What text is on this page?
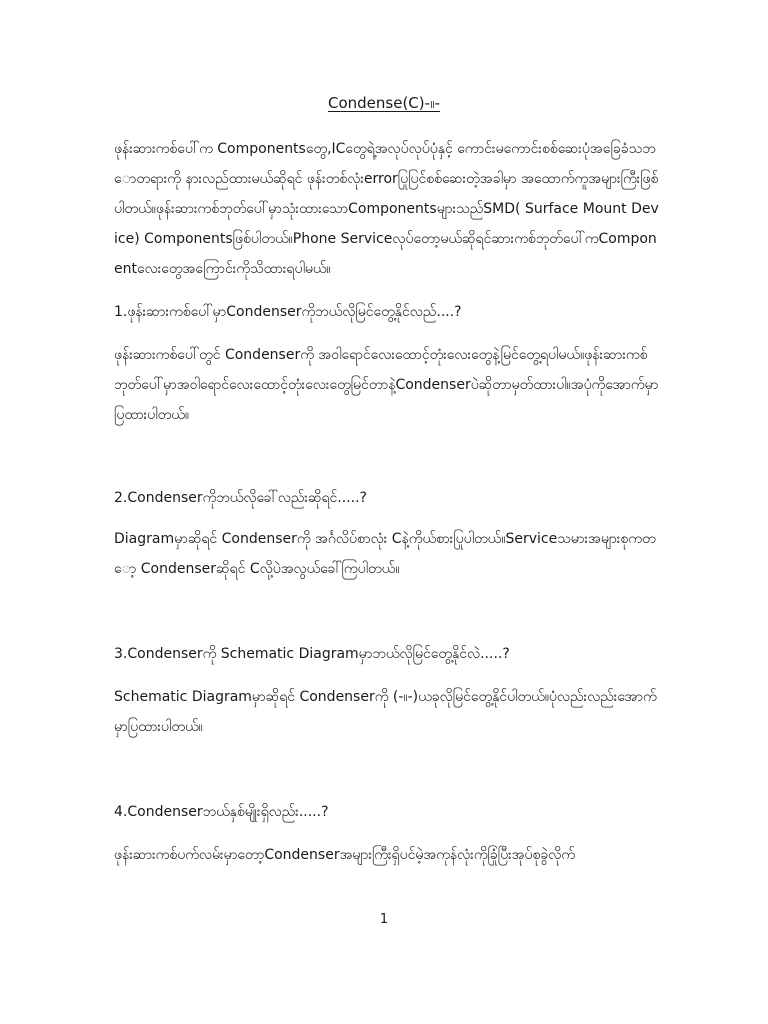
Condense(C)-။-
ဖုန်းဆားကစ်ပေါ်က Componentsတွေ,ICတွေရဲ့အလုပ်လုပ်ပုံနှင့် ကောင်းမကောင်းစစ်ဆေးပုံအခြေခံသဘောတရားကို နားလည်ထားမယ်ဆိုရင် ဖုန်းတစ်လုံးerrorပြုပြင်စစ်ဆေးတဲ့အခါမှာ အထောက်ကူအများကြီးဖြစ်ပါတယ်။ဖုန်းဆားကစ်ဘုတ်ပေါ်မှာသုံးထားသောComponentsများသည်SMD( Surface Mount Device) Componentsဖြစ်ပါတယ်။Phone Serviceလုပ်တော့မယ်ဆိုရင်ဆားကစ်ဘုတ်ပေါ်ကComponentလေးတွေအကြောင်းကိုသိထားရပါမယ်။
1.ဖုန်းဆားကစ်ပေါ်မှာCondenserကိုဘယ်လိုမြင်တွေ့နိုင်လည်....?
ဖုန်းဆားကစ်ပေါ်တွင် Condenserကို အဝါရောင်လေးထောင့်တုံးလေးတွေနဲ့မြင်တွေ့ရပါမယ်။ဖုန်းဆားကစ်ဘုတ်ပေါ်မှာအဝါရောင်လေးထောင့်တုံးလေးတွေမြင်တာနဲ့Condenserပဲဆိုတာမှတ်ထားပါ။အပုံကိုအောက်မှာပြထားပါတယ်။
2.Condenserကိုဘယ်လိုခေါ်လည်းဆိုရင်.....?
Diagramမှာဆိုရင် Condenserကို အင်္ဂလိပ်စာလုံး Cနဲ့ကိုယ်စားပြုပါတယ်။Serviceသမားအများစုကတော့ Condenserဆိုရင် Cလို့ပဲအလွယ်ခေါ်ကြပါတယ်။
3.Condenserကို Schematic Diagramမှာဘယ်လိုမြင်တွေ့နိုင်လဲ.....?
Schematic Diagramမှာဆိုရင် Condenserကို (-။-)ယခုလိုမြင်တွေ့နိုင်ပါတယ်။ပုံလည်းလည်းအောက်မှာပြထားပါတယ်။
4.Condenserဘယ်နှစ်မျိုးရှိလည်း.....?
ဖုန်းဆားကစ်ပက်လမ်းမှာတော့Condenserအများကြီးရှိပင်မဲ့အကုန်လုံးကိုခြုံပြီးအုပ်စုခွဲလိုက်
1
